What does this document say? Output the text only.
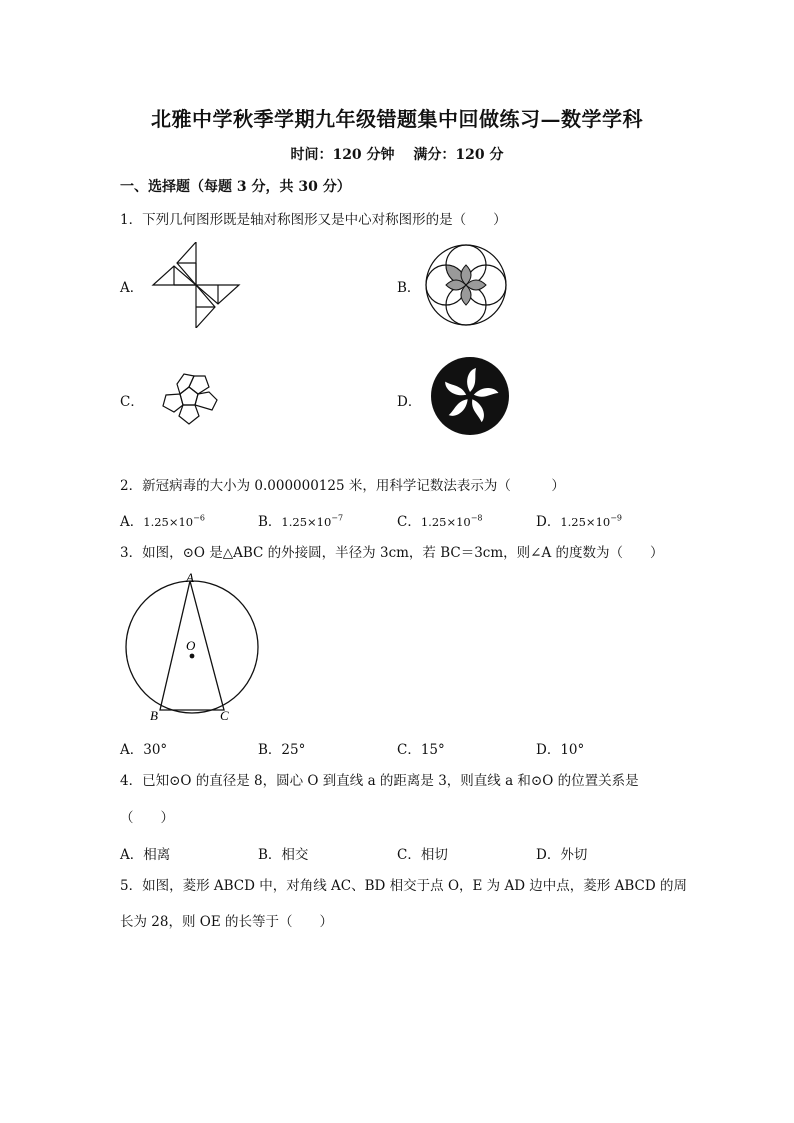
北雅中学秋季学期九年级错题集中回做练习—数学学科
时间：120 分钟　 满分：120 分
一、选择题（每题 3 分，共 30 分）
1．下列几何图形既是轴对称图形又是中心对称图形的是（　　）
A．	B．
C．	D．
2．新冠病毒的大小为 0.000000125 米，用科学记数法表示为（　　　）
A．$1.25\times 10^{-6}$	B．$1.25\times 10^{-7}$	C．$1.25\times 10^{-8}$	D．$1.25\times 10^{-9}$
3．如图，⊙O 是△ABC 的外接圆，半径为 3cm，若 BC＝3cm，则∠A 的度数为（　　）
A
B	C
O
A．30°	B．25°	C．15°	D．10°
4．已知⊙O 的直径是 8，圆心 O 到直线 a 的距离是 3，则直线 a 和⊙O 的位置关系是
（　　）
A．相离	B．相交	C．相切	D．外切
5．如图，菱形 ABCD 中，对角线 AC、BD 相交于点 O，E 为 AD 边中点，菱形 ABCD 的周
长为 28，则 OE 的长等于（　　）
